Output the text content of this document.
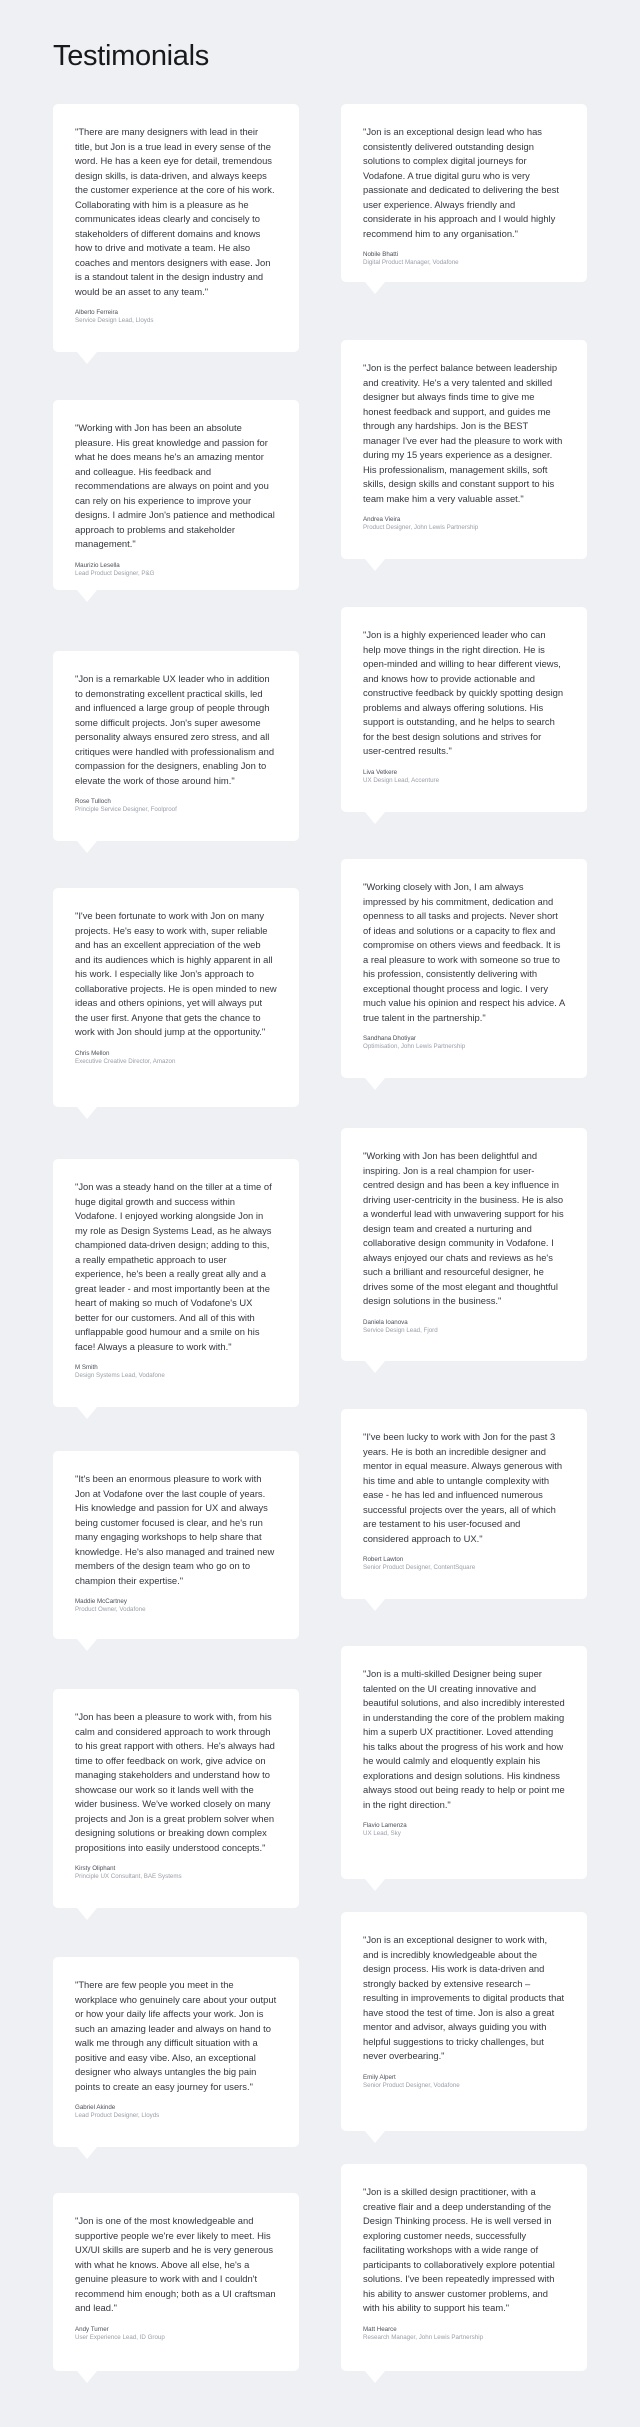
Testimonials

"There are many designers with lead in their title, but Jon is a true lead in every sense of the word. He has a keen eye for detail, tremendous design skills, is data-driven, and always keeps the customer experience at the core of his work. Collaborating with him is a pleasure as he communicates ideas clearly and concisely to stakeholders of different domains and knows how to drive and motivate a team. He also coaches and mentors designers with ease. Jon is a standout talent in the design industry and would be an asset to any team."

Alberto Ferreira
Service Design Lead, Lloyds

"Working with Jon has been an absolute pleasure. His great knowledge and passion for what he does means he's an amazing mentor and colleague. His feedback and recommendations are always on point and you can rely on his experience to improve your designs. I admire Jon's patience and methodical approach to problems and stakeholder management."

Maurizio Lesella
Lead Product Designer, P&G

"Jon is a remarkable UX leader who in addition to demonstrating excellent practical skills, led and influenced a large group of people through some difficult projects. Jon's super awesome personality always ensured zero stress, and all critiques were handled with professionalism and compassion for the designers, enabling Jon to elevate the work of those around him."

Rose Tulloch
Principle Service Designer, Foolproof

"I've been fortunate to work with Jon on many projects. He's easy to work with, super reliable and has an excellent appreciation of the web and its audiences which is highly apparent in all his work. I especially like Jon's approach to collaborative projects. He is open minded to new ideas and others opinions, yet will always put the user first. Anyone that gets the chance to work with Jon should jump at the opportunity."

Chris Mellon
Executive Creative Director, Amazon

"Jon was a steady hand on the tiller at a time of huge digital growth and success within Vodafone. I enjoyed working alongside Jon in my role as Design Systems Lead, as he always championed data-driven design; adding to this, a really empathetic approach to user experience, he's been a really great ally and a great leader - and most importantly been at the heart of making so much of Vodafone's UX better for our customers. And all of this with unflappable good humour and a smile on his face! Always a pleasure to work with."

M Smith
Design Systems Lead, Vodafone

"It's been an enormous pleasure to work with Jon at Vodafone over the last couple of years. His knowledge and passion for UX and always being customer focused is clear, and he's run many engaging workshops to help share that knowledge. He's also managed and trained new members of the design team who go on to champion their expertise."

Maddie McCartney
Product Owner, Vodafone

"Jon has been a pleasure to work with, from his calm and considered approach to work through to his great rapport with others. He's always had time to offer feedback on work, give advice on managing stakeholders and understand how to showcase our work so it lands well with the wider business. We've worked closely on many projects and Jon is a great problem solver when designing solutions or breaking down complex propositions into easily understood concepts."

Kirsty Oliphant
Principle UX Consultant, BAE Systems

"There are few people you meet in the workplace who genuinely care about your output or how your daily life affects your work. Jon is such an amazing leader and always on hand to walk me through any difficult situation with a positive and easy vibe. Also, an exceptional designer who always untangles the big pain points to create an easy journey for users."

Gabriel Akinde
Lead Product Designer, Lloyds

"Jon is one of the most knowledgeable and supportive people we're ever likely to meet. His UX/UI skills are superb and he is very generous with what he knows. Above all else, he's a genuine pleasure to work with and I couldn't recommend him enough; both as a UI craftsman and lead."

Andy Turner
User Experience Lead, ID Group

"Jon is an exceptional design lead who has consistently delivered outstanding design solutions to complex digital journeys for Vodafone. A true digital guru who is very passionate and dedicated to delivering the best user experience. Always friendly and considerate in his approach and I would highly recommend him to any organisation."

Nobile Bhatti
Digital Product Manager, Vodafone

"Jon is the perfect balance between leadership and creativity. He's a very talented and skilled designer but always finds time to give me honest feedback and support, and guides me through any hardships. Jon is the BEST manager I've ever had the pleasure to work with during my 15 years experience as a designer. His professionalism, management skills, soft skills, design skills and constant support to his team make him a very valuable asset."

Andrea Vieira
Product Designer, John Lewis Partnership

"Jon is a highly experienced leader who can help move things in the right direction. He is open-minded and willing to hear different views, and knows how to provide actionable and constructive feedback by quickly spotting design problems and always offering solutions. His support is outstanding, and he helps to search for the best design solutions and strives for user-centred results."

Liva Vetkere
UX Design Lead, Accenture

"Working closely with Jon, I am always impressed by his commitment, dedication and openness to all tasks and projects. Never short of ideas and solutions or a capacity to flex and compromise on others views and feedback. It is a real pleasure to work with someone so true to his profession, consistently delivering with exceptional thought process and logic. I very much value his opinion and respect his advice. A true talent in the partnership."

Sandhana Dhotiyar
Optimisation, John Lewis Partnership

"Working with Jon has been delightful and inspiring. Jon is a real champion for user-centred design and has been a key influence in driving user-centricity in the business. He is also a wonderful lead with unwavering support for his design team and created a nurturing and collaborative design community in Vodafone. I always enjoyed our chats and reviews as he's such a brilliant and resourceful designer, he drives some of the most elegant and thoughtful design solutions in the business."

Daniela Ioanova
Service Design Lead, Fjord

"I've been lucky to work with Jon for the past 3 years. He is both an incredible designer and mentor in equal measure. Always generous with his time and able to untangle complexity with ease - he has led and influenced numerous successful projects over the years, all of which are testament to his user-focused and considered approach to UX."

Robert Lawton
Senior Product Designer, ContentSquare

"Jon is a multi-skilled Designer being super talented on the UI creating innovative and beautiful solutions, and also incredibly interested in understanding the core of the problem making him a superb UX practitioner. Loved attending his talks about the progress of his work and how he would calmly and eloquently explain his explorations and design solutions. His kindness always stood out being ready to help or point me in the right direction."

Flavio Lamenza
UX Lead, Sky

"Jon is an exceptional designer to work with, and is incredibly knowledgeable about the design process. His work is data-driven and strongly backed by extensive research – resulting in improvements to digital products that have stood the test of time. Jon is also a great mentor and advisor, always guiding you with helpful suggestions to tricky challenges, but never overbearing."

Emily Alpert
Senior Product Designer, Vodafone

"Jon is a skilled design practitioner, with a creative flair and a deep understanding of the Design Thinking process. He is well versed in exploring customer needs, successfully facilitating workshops with a wide range of participants to collaboratively explore potential solutions. I've been repeatedly impressed with his ability to answer customer problems, and with his ability to support his team."

Matt Hearce
Research Manager, John Lewis Partnership
